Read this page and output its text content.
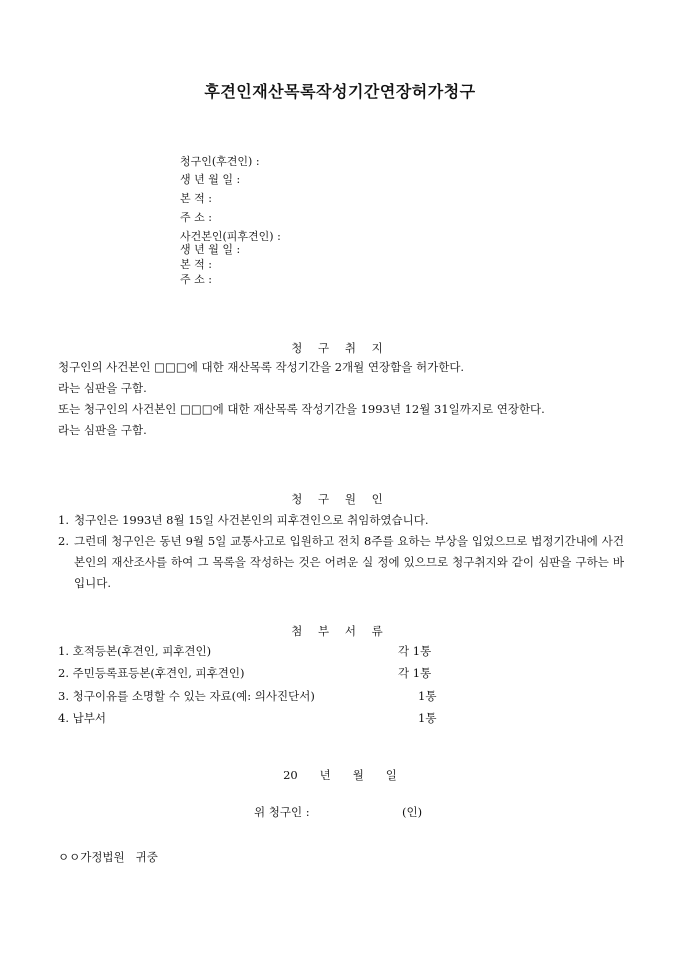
후견인재산목록작성기간연장허가청구
청구인(후견인) :
생 년 월 일 :
본 적 :
주 소 :
사건본인(피후견인) :
생 년 월 일 :
본 적 :
주 소 :
청 구 취 지
청구인의 사건본인 □□□에 대한 재산목록 작성기간을 2개월 연장함을 허가한다.
라는 심판을 구함.
또는 청구인의 사건본인 □□□에 대한 재산목록 작성기간을 1993년 12월 31일까지로 연장한다.
라는 심판을 구함.
청 구 원 인
1. 청구인은 1993년 8월 15일 사건본인의 피후견인으로 취임하였습니다.
2. 그런데 청구인은 동년 9월 5일 교통사고로 입원하고 전치 8주를 요하는 부상을 입었으므로 법정기간내에 사건본인의 재산조사를 하여 그 목록을 작성하는 것은 어려운 실 정에 있으므로 청구취지와 같이 심판을 구하는 바입니다.
첨 부 서 류
1. 호적등본(후견인, 피후견인)	각 1통
2. 주민등록표등본(후견인, 피후견인)	각 1통
3. 청구이유를 소명할 수 있는 자료(예: 의사진단서)	1통
4. 납부서	1통
20      년      월      일
위 청구인 :	(인)
ㅇㅇ가정법원   귀중
